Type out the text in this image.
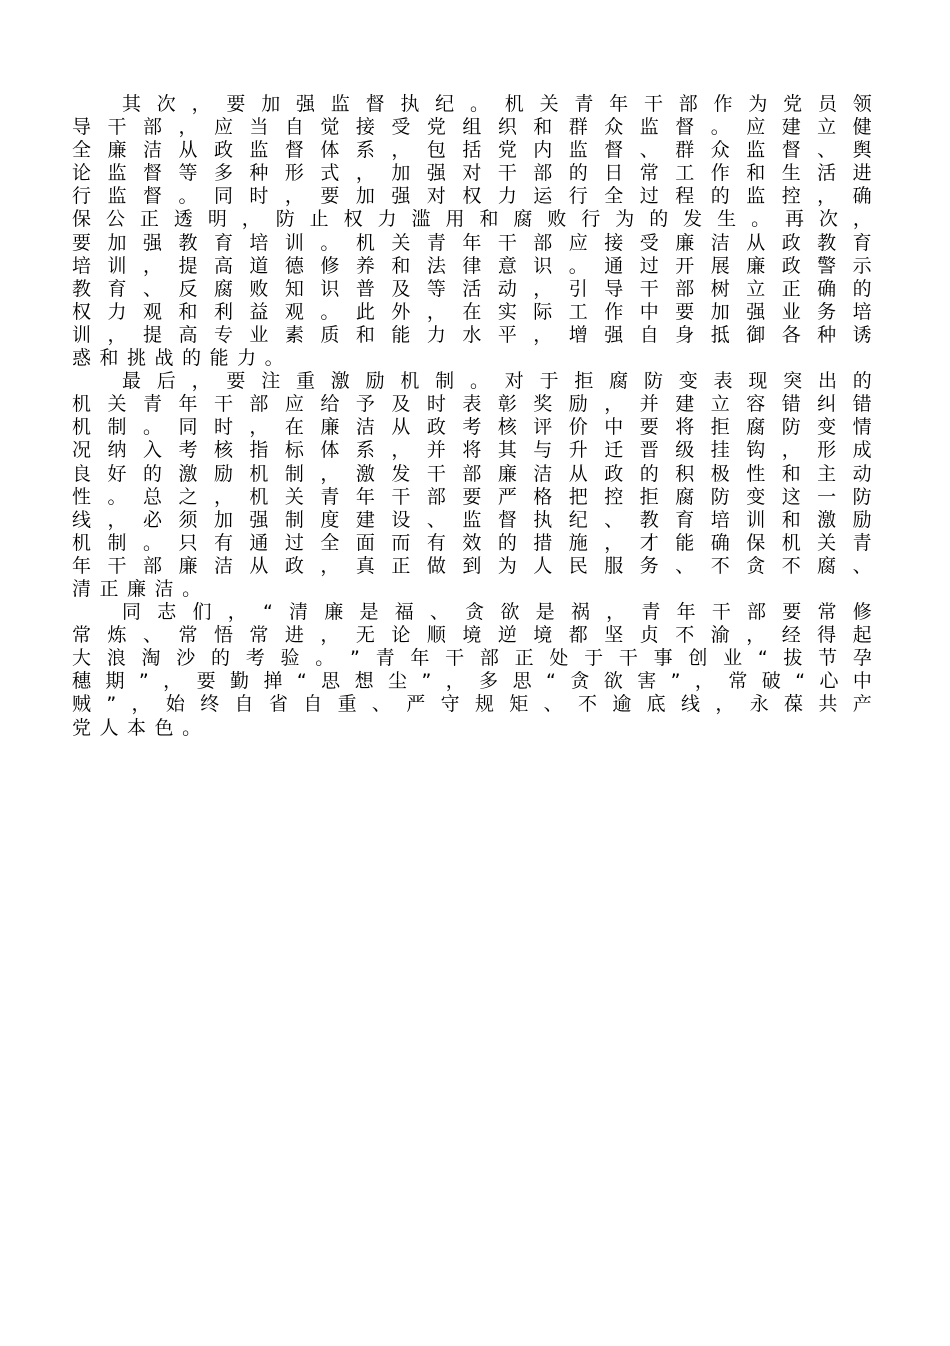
其 次 ， 要 加 强 监 督 执 纪 。 机 关 青 年 干 部 作 为 党 员 领
导 干 部 ， 应 当 自 觉 接 受 党 组 织 和 群 众 监 督 。 应 建 立 健
全 廉 洁 从 政 监 督 体 系 ， 包 括 党 内 监 督 、 群 众 监 督 、 舆
论 监 督 等 多 种 形 式 ， 加 强 对 干 部 的 日 常 工 作 和 生 活 进
行 监 督 。 同 时 ， 要 加 强 对 权 力 运 行 全 过 程 的 监 控 ， 确
保 公 正 透 明 ， 防 止 权 力 滥 用 和 腐 败 行 为 的 发 生 。 再 次 ，
要 加 强 教 育 培 训 。 机 关 青 年 干 部 应 接 受 廉 洁 从 政 教 育
培 训 ， 提 高 道 德 修 养 和 法 律 意 识 。 通 过 开 展 廉 政 警 示
教 育 、 反 腐 败 知 识 普 及 等 活 动 ， 引 导 干 部 树 立 正 确 的
权 力 观 和 利 益 观 。 此 外 ， 在 实 际 工 作 中 要 加 强 业 务 培
训 ， 提 高 专 业 素 质 和 能 力 水 平 ， 增 强 自 身 抵 御 各 种 诱
惑 和 挑 战 的 能 力 。
最 后 ， 要 注 重 激 励 机 制 。 对 于 拒 腐 防 变 表 现 突 出 的
机 关 青 年 干 部 应 给 予 及 时 表 彰 奖 励 ， 并 建 立 容 错 纠 错
机 制 。 同 时 ， 在 廉 洁 从 政 考 核 评 价 中 要 将 拒 腐 防 变 情
况 纳 入 考 核 指 标 体 系 ， 并 将 其 与 升 迁 晋 级 挂 钩 ， 形 成
良 好 的 激 励 机 制 ， 激 发 干 部 廉 洁 从 政 的 积 极 性 和 主 动
性 。 总 之 ， 机 关 青 年 干 部 要 严 格 把 控 拒 腐 防 变 这 一 防
线 ， 必 须 加 强 制 度 建 设 、 监 督 执 纪 、 教 育 培 训 和 激 励
机 制 。 只 有 通 过 全 面 而 有 效 的 措 施 ， 才 能 确 保 机 关 青
年 干 部 廉 洁 从 政 ， 真 正 做 到 为 人 民 服 务 、 不 贪 不 腐 、
清 正 廉 洁 。
同 志 们 ， “ 清 廉 是 福 、 贪 欲 是 祸 ， 青 年 干 部 要 常 修
常 炼 、 常 悟 常 进 ， 无 论 顺 境 逆 境 都 坚 贞 不 渝 ， 经 得 起
大 浪 淘 沙 的 考 验 。 ” 青 年 干 部 正 处 于 干 事 创 业 “ 拔 节 孕
穗 期 ” ， 要 勤 掸 “ 思 想 尘 ” ， 多 思 “ 贪 欲 害 ” ， 常 破 “ 心 中
贼 ” ， 始 终 自 省 自 重 、 严 守 规 矩 、 不 逾 底 线 ， 永 葆 共 产
党 人 本 色 。
